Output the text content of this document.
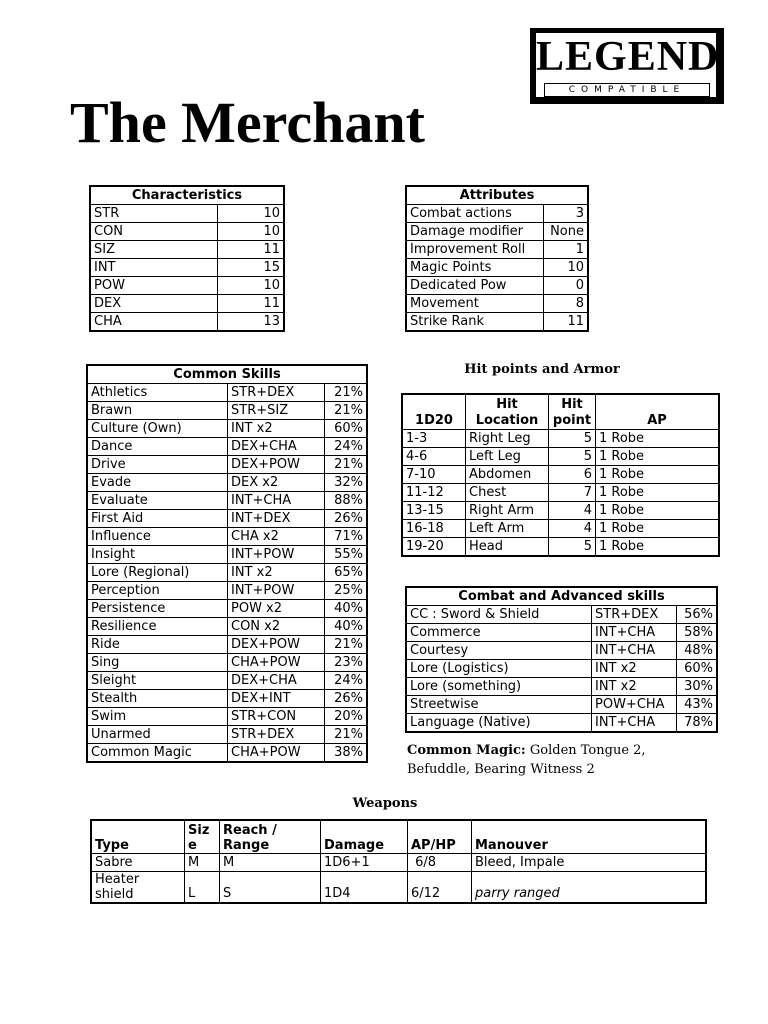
LEGEND
COMPATIBLE
The Merchant
Characteristics	
STR	10
CON	10
SIZ	11
INT	15
POW	10
DEX	11
CHA	13
Attributes	
Combat actions	3
Damage modifier	None
Improvement Roll	1
Magic Points	10
Dedicated Pow	0
Movement	8
Strike Rank	11
Common Skills		
Athletics	STR+DEX	21%
Brawn	STR+SIZ	21%
Culture (Own)	INT x2	60%
Dance	DEX+CHA	24%
Drive	DEX+POW	21%
Evade	DEX x2	32%
Evaluate	INT+CHA	88%
First Aid	INT+DEX	26%
Influence	CHA x2	71%
Insight	INT+POW	55%
Lore (Regional)	INT x2	65%
Perception	INT+POW	25%
Persistence	POW x2	40%
Resilience	CON x2	40%
Ride	DEX+POW	21%
Sing	CHA+POW	23%
Sleight	DEX+CHA	24%
Stealth	DEX+INT	26%
Swim	STR+CON	20%
Unarmed	STR+DEX	21%
Common Magic	CHA+POW	38%
Hit points and Armor
1D20	Hit Location	Hit point	AP
1-3	Right Leg	5	1 Robe
4-6	Left Leg	5	1 Robe
7-10	Abdomen	6	1 Robe
11-12	Chest	7	1 Robe
13-15	Right Arm	4	1 Robe
16-18	Left Arm	4	1 Robe
19-20	Head	5	1 Robe
Combat and Advanced skills		
CC : Sword & Shield	STR+DEX	56%
Commerce	INT+CHA	58%
Courtesy	INT+CHA	48%
Lore (Logistics)	INT x2	60%
Lore (something)	INT x2	30%
Streetwise	POW+CHA	43%
Language (Native)	INT+CHA	78%
Common Magic: Golden Tongue 2,
Befuddle, Bearing Witness 2
Weapons
Type	Size	Reach / Range	Damage	AP/HP	Manouver
Sabre	M	M	1D6+1	6/8	Bleed, Impale
Heater shield	L	S	1D4	6/12	parry ranged
